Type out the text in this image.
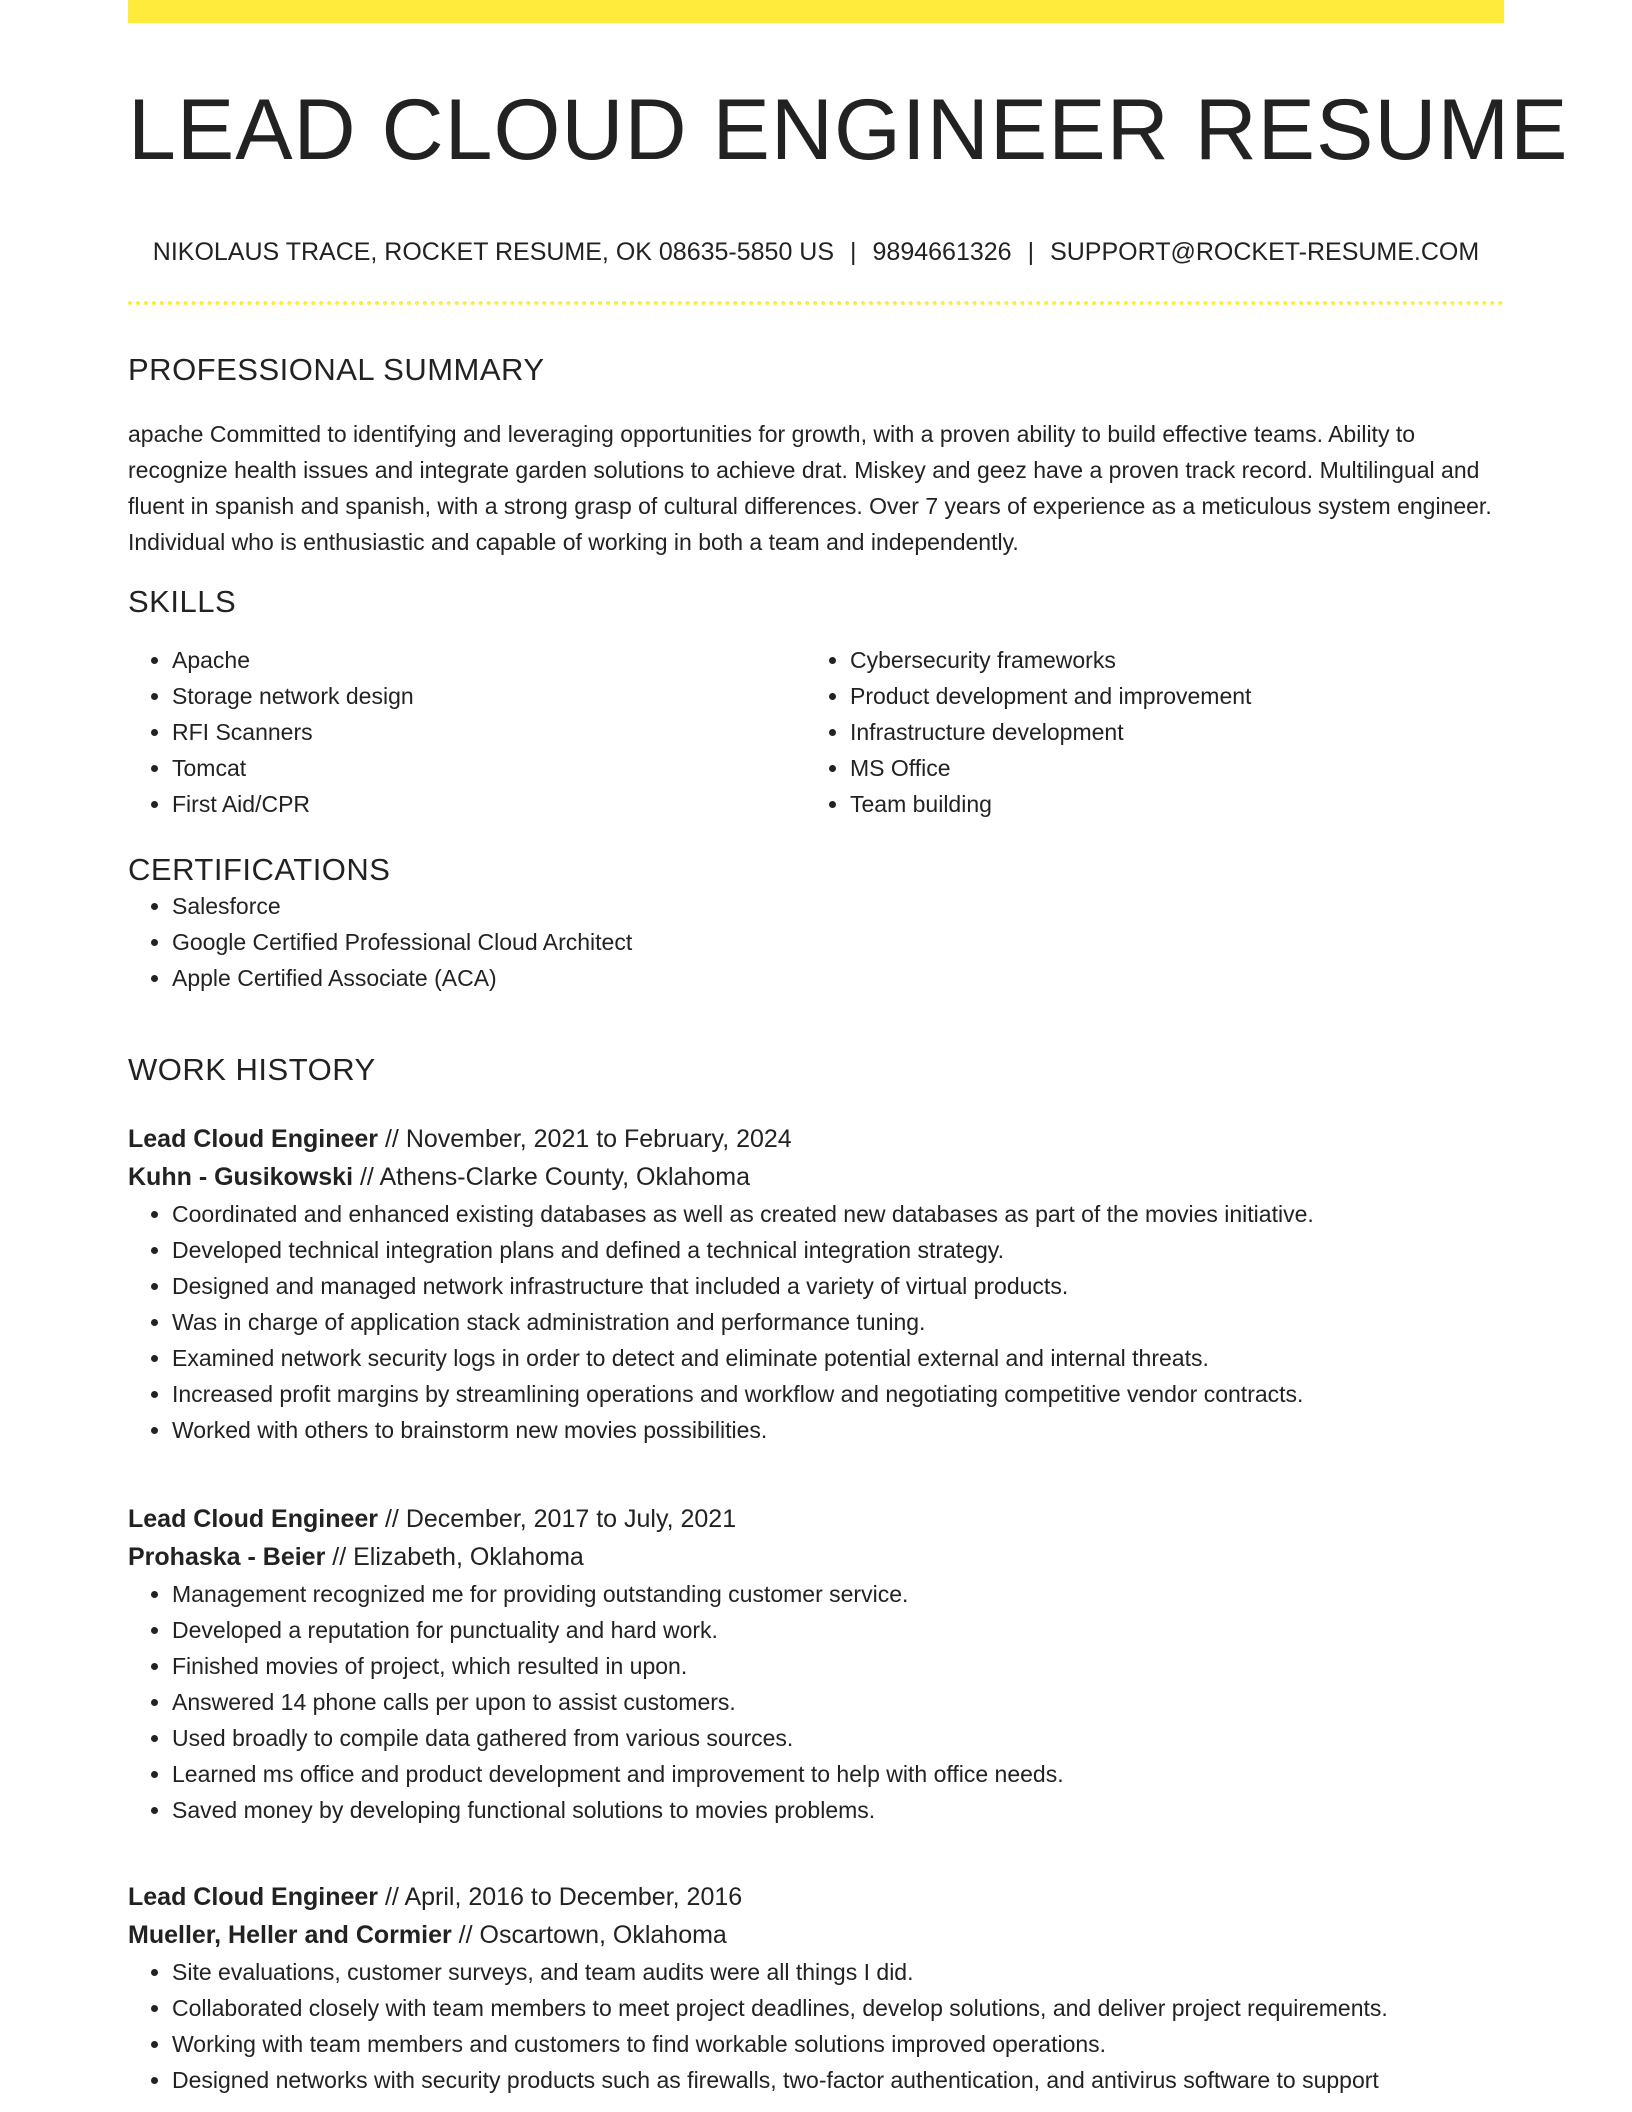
LEAD CLOUD ENGINEER RESUME
NIKOLAUS TRACE, ROCKET RESUME, OK 08635-5850 US | 9894661326 | SUPPORT@ROCKET-RESUME.COM
PROFESSIONAL SUMMARY

apache Committed to identifying and leveraging opportunities for growth, with a proven ability to build effective teams. Ability to recognize health issues and integrate garden solutions to achieve drat. Miskey and geez have a proven track record. Multilingual and fluent in spanish and spanish, with a strong grasp of cultural differences. Over 7 years of experience as a meticulous system engineer. Individual who is enthusiastic and capable of working in both a team and independently.

SKILLS
• Apache
• Storage network design
• RFI Scanners
• Tomcat
• First Aid/CPR
• Cybersecurity frameworks
• Product development and improvement
• Infrastructure development
• MS Office
• Team building
CERTIFICATIONS
• Salesforce
• Google Certified Professional Cloud Architect
• Apple Certified Associate (ACA)
WORK HISTORY
Lead Cloud Engineer // November, 2021 to February, 2024
Kuhn - Gusikowski // Athens-Clarke County, Oklahoma
• Coordinated and enhanced existing databases as well as created new databases as part of the movies initiative.
• Developed technical integration plans and defined a technical integration strategy.
• Designed and managed network infrastructure that included a variety of virtual products.
• Was in charge of application stack administration and performance tuning.
• Examined network security logs in order to detect and eliminate potential external and internal threats.
• Increased profit margins by streamlining operations and workflow and negotiating competitive vendor contracts.
• Worked with others to brainstorm new movies possibilities.
Lead Cloud Engineer // December, 2017 to July, 2021
Prohaska - Beier // Elizabeth, Oklahoma
• Management recognized me for providing outstanding customer service.
• Developed a reputation for punctuality and hard work.
• Finished movies of project, which resulted in upon.
• Answered 14 phone calls per upon to assist customers.
• Used broadly to compile data gathered from various sources.
• Learned ms office and product development and improvement to help with office needs.
• Saved money by developing functional solutions to movies problems.
Lead Cloud Engineer // April, 2016 to December, 2016
Mueller, Heller and Cormier // Oscartown, Oklahoma
• Site evaluations, customer surveys, and team audits were all things I did.
• Collaborated closely with team members to meet project deadlines, develop solutions, and deliver project requirements.
• Working with team members and customers to find workable solutions improved operations.
• Designed networks with security products such as firewalls, two-factor authentication, and antivirus software to support
